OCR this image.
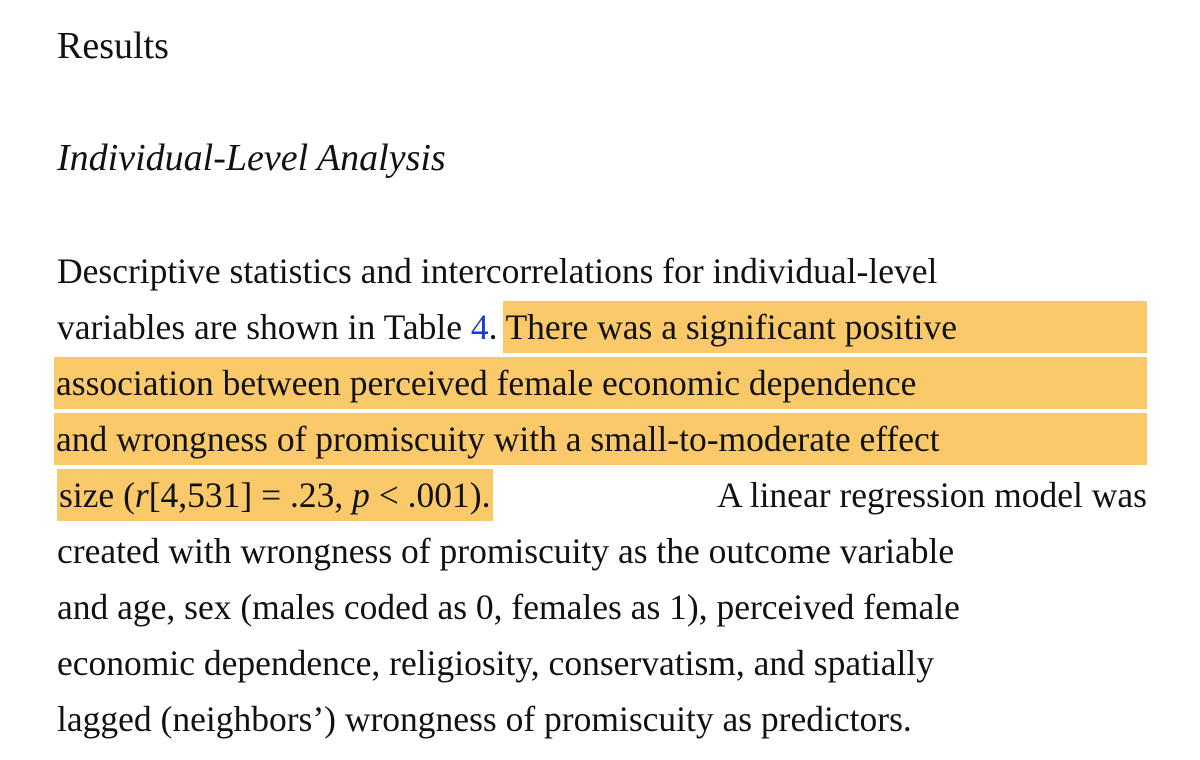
Results
Individual-Level Analysis
Descriptive statistics and intercorrelations for individual-level
variables are shown in Table
4 . There was a significant positive
association between perceived female economic dependence
and wrongness of promiscuity with a small-to-moderate effect
size (r[4,531] = .23, p < .001).	A linear regression model was
created with wrongness of promiscuity as the outcome variable
and age, sex (males coded as 0, females as 1), perceived female
economic dependence, religiosity, conservatism, and spatially
lagged (neighbors’) wrongness of promiscuity as predictors.
